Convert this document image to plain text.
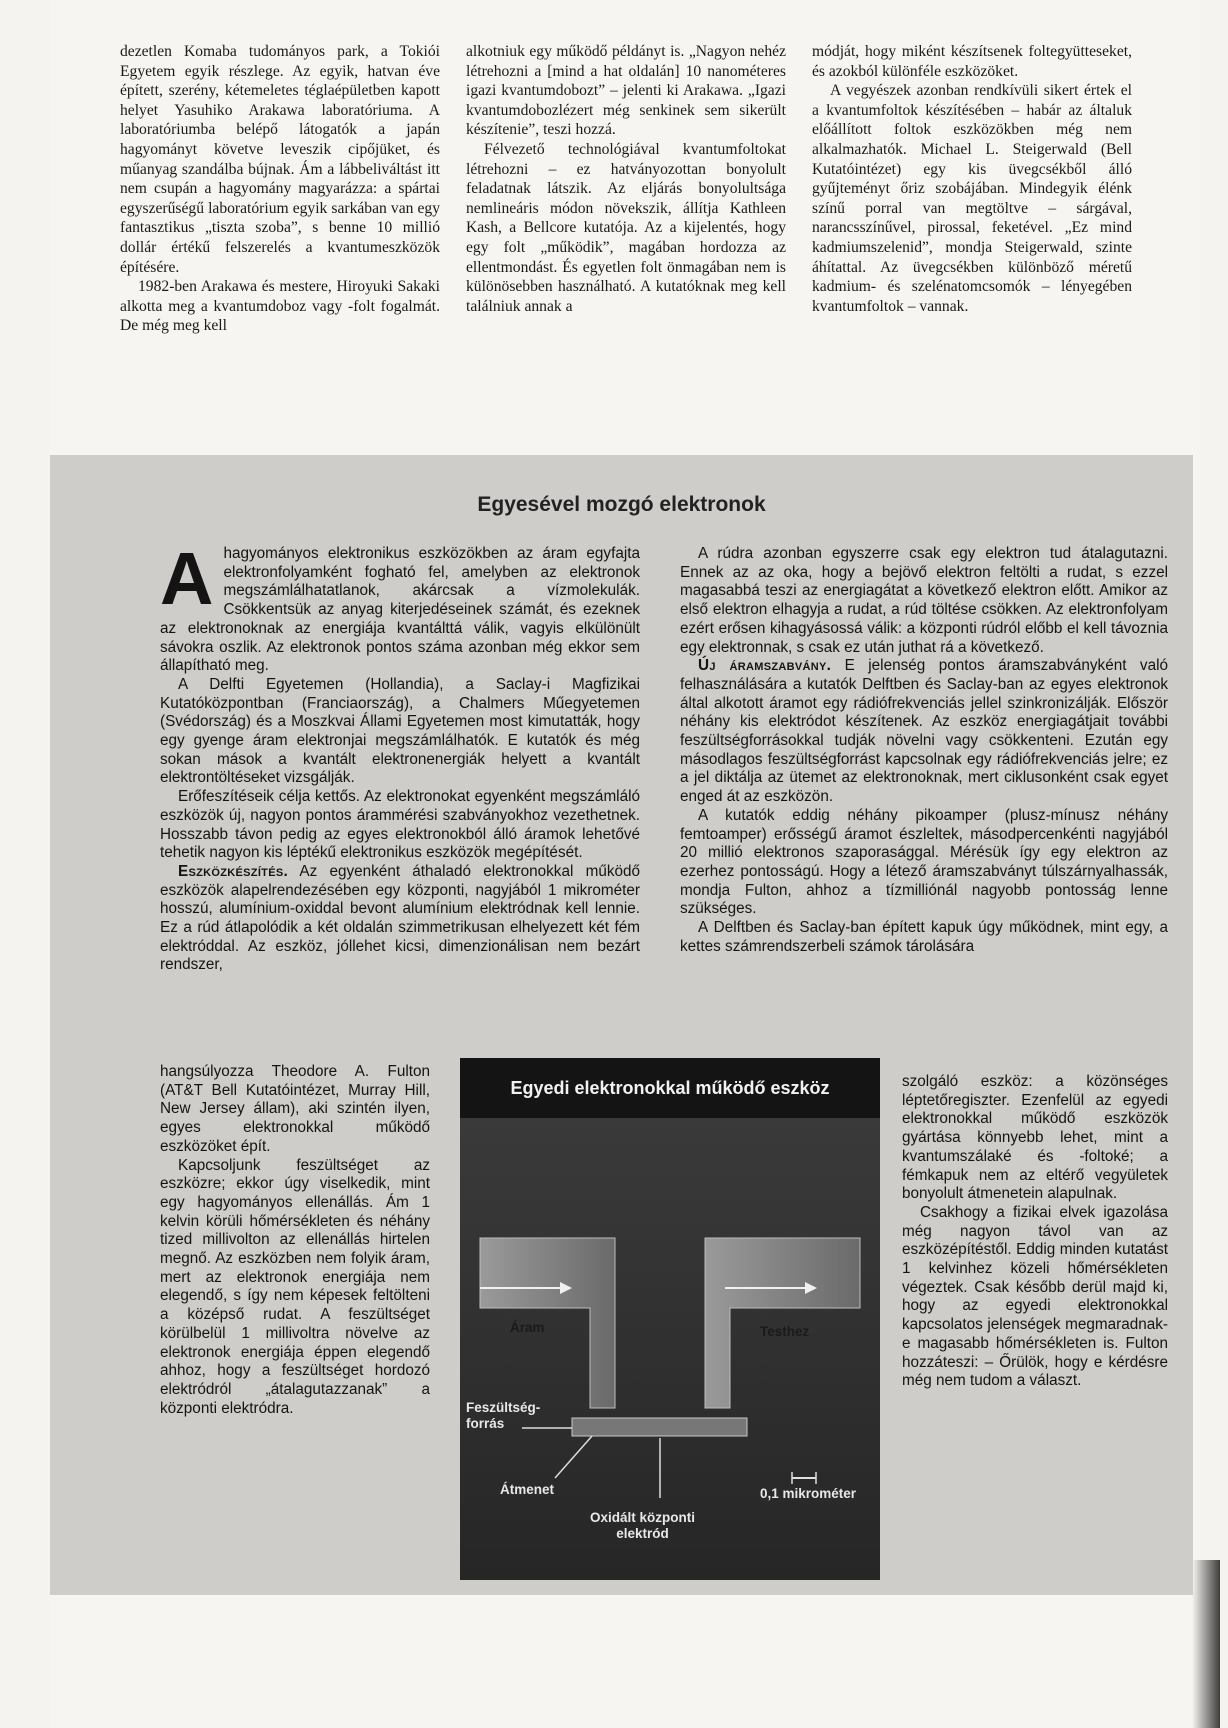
dezetlen Komaba tudományos park, a Tokiói Egyetem egyik részlege. Az egyik, hatvan éve épített, szerény, kétemeletes téglaépületben kapott helyet Yasuhiko Arakawa laboratóriuma. A laboratóriumba belépő látogatók a japán hagyományt követve leveszik cipőjüket, és műanyag szandálba bújnak. Ám a lábbeliváltást itt nem csupán a hagyomány magyarázza: a spártai egyszerűségű laboratórium egyik sarkában van egy fantasztikus „tiszta szoba”, s benne 10 millió dollár értékű felszerelés a kvantumeszközök építésére.

1982-ben Arakawa és mestere, Hiroyuki Sakaki alkotta meg a kvantumdoboz vagy -folt fogalmát. De még meg kell

alkotniuk egy működő példányt is. „Nagyon nehéz létrehozni a [mind a hat oldalán] 10 nanométeres igazi kvantumdobozt” – jelenti ki Arakawa. „Igazi kvantumdobozlézert még senkinek sem sikerült készítenie”, teszi hozzá.

Félvezető technológiával kvantumfoltokat létrehozni – ez hatványozottan bonyolult feladatnak látszik. Az eljárás bonyolultsága nemlineáris módon növekszik, állítja Kathleen Kash, a Bellcore kutatója. Az a kijelentés, hogy egy folt „működik”, magában hordozza az ellentmondást. És egyetlen folt önmagában nem is különösebben használható. A kutatóknak meg kell találniuk annak a

módját, hogy miként készítsenek foltegyütteseket, és azokból különféle eszközöket.

A vegyészek azonban rendkívüli sikert értek el a kvantumfoltok készítésében – habár az általuk előállított foltok eszközökben még nem alkalmazhatók. Michael L. Steigerwald (Bell Kutatóintézet) egy kis üvegcsékből álló gyűjteményt őriz szobájában. Mindegyik élénk színű porral van megtöltve – sárgával, narancsszínűvel, pirossal, feketével. „Ez mind kadmiumszelenid”, mondja Steigerwald, szinte áhítattal. Az üvegcsékben különböző méretű kadmium- és szelénatomcsomók – lényegében kvantumfoltok – vannak.

Egyesével mozgó elektronok

Ahagyományos elektronikus eszközökben az áram egyfajta elektronfolyamként fogható fel, amelyben az elektronok megszámlálhatatlanok, akárcsak a vízmolekulák. Csökkentsük az anyag kiterjedéseinek számát, és ezeknek az elektronoknak az energiája kvantálttá válik, vagyis elkülönült sávokra oszlik. Az elektronok pontos száma azonban még ekkor sem állapítható meg.

A Delfti Egyetemen (Hollandia), a Saclay-i Magfizikai Kutatóközpontban (Franciaország), a Chalmers Műegyetemen (Svédország) és a Moszkvai Állami Egyetemen most kimutatták, hogy egy gyenge áram elektronjai megszámlálhatók. E kutatók és még sokan mások a kvantált elektronenergiák helyett a kvantált elektrontöltéseket vizsgálják.

Erőfeszítéseik célja kettős. Az elektronokat egyenként megszámláló eszközök új, nagyon pontos árammérési szabványokhoz vezethetnek. Hosszabb távon pedig az egyes elektronokból álló áramok lehetővé tehetik nagyon kis léptékű elektronikus eszközök megépítését.

Eszközkészítés. Az egyenként áthaladó elektronokkal működő eszközök alapelrendezésében egy központi, nagyjából 1 mikrométer hosszú, alumínium-oxiddal bevont alumínium elektródnak kell lennie. Ez a rúd átlapolódik a két oldalán szimmetrikusan elhelyezett két fém elektróddal. Az eszköz, jóllehet kicsi, dimenzionálisan nem bezárt rendszer,

hangsúlyozza Theodore A. Fulton (AT&T Bell Kutatóintézet, Murray Hill, New Jersey állam), aki szintén ilyen, egyes elektronokkal működő eszközöket épít.

Kapcsoljunk feszültséget az eszközre; ekkor úgy viselkedik, mint egy hagyományos ellenállás. Ám 1 kelvin körüli hőmérsékleten és néhány tized millivolton az ellenállás hirtelen megnő. Az eszközben nem folyik áram, mert az elektronok energiája nem elegendő, s így nem képesek feltölteni a középső rudat. A feszültséget körülbelül 1 millivoltra növelve az elektronok energiája éppen elegendő ahhoz, hogy a feszültséget hordozó elektródról „átalagutazzanak” a központi elektródra.

A rúdra azonban egyszerre csak egy elektron tud átalagutazni. Ennek az az oka, hogy a bejövő elektron feltölti a rudat, s ezzel magasabbá teszi az energiagátat a következő elektron előtt. Amikor az első elektron elhagyja a rudat, a rúd töltése csökken. Az elektronfolyam ezért erősen kihagyásossá válik: a központi rúdról előbb el kell távoznia egy elektronnak, s csak ez után juthat rá a következő.

Új áramszabvány. E jelenség pontos áramszabványként való felhasználására a kutatók Delftben és Saclay-ban az egyes elektronok által alkotott áramot egy rádiófrekvenciás jellel szinkronizálják. Először néhány kis elektródot készítenek. Az eszköz energiagátjait további feszültségforrásokkal tudják növelni vagy csökkenteni. Ezután egy másodlagos feszültségforrást kapcsolnak egy rádiófrekvenciás jelre; ez a jel diktálja az ütemet az elektronoknak, mert ciklusonként csak egyet enged át az eszközön.

A kutatók eddig néhány pikoamper (plusz-mínusz néhány femtoamper) erősségű áramot észleltek, másodpercenkénti nagyjából 20 millió elektronos szaporasággal. Mérésük így egy elektron az ezerhez pontosságú. Hogy a létező áramszabványt túlszárnyalhassák, mondja Fulton, ahhoz a tízmilliónál nagyobb pontosság lenne szükséges.

A Delftben és Saclay-ban épített kapuk úgy működnek, mint egy, a kettes számrendszerbeli számok tárolására

szolgáló eszköz: a közönséges léptetőregiszter. Ezenfelül az egyedi elektronokkal működő eszközök gyártása könnyebb lehet, mint a kvantumszálaké és -foltoké; a fémkapuk nem az eltérő vegyületek bonyolult átmenetein alapulnak.

Csakhogy a fizikai elvek igazolása még nagyon távol van az eszközépítéstől. Eddig minden kutatást 1 kelvinhez közeli hőmérsékleten végeztek. Csak később derül majd ki, hogy az egyedi elektronokkal kapcsolatos jelenségek megmaradnak-e magasabb hőmérsékleten is. Fulton hozzáteszi: – Őrülök, hogy e kérdésre még nem tudom a választ.

Egyedi elektronokkal működő eszköz
Áram	Testhez
Feszültség-
forrás
Átmenet	0,1 mikrométer
Oxidált központi
elektród
